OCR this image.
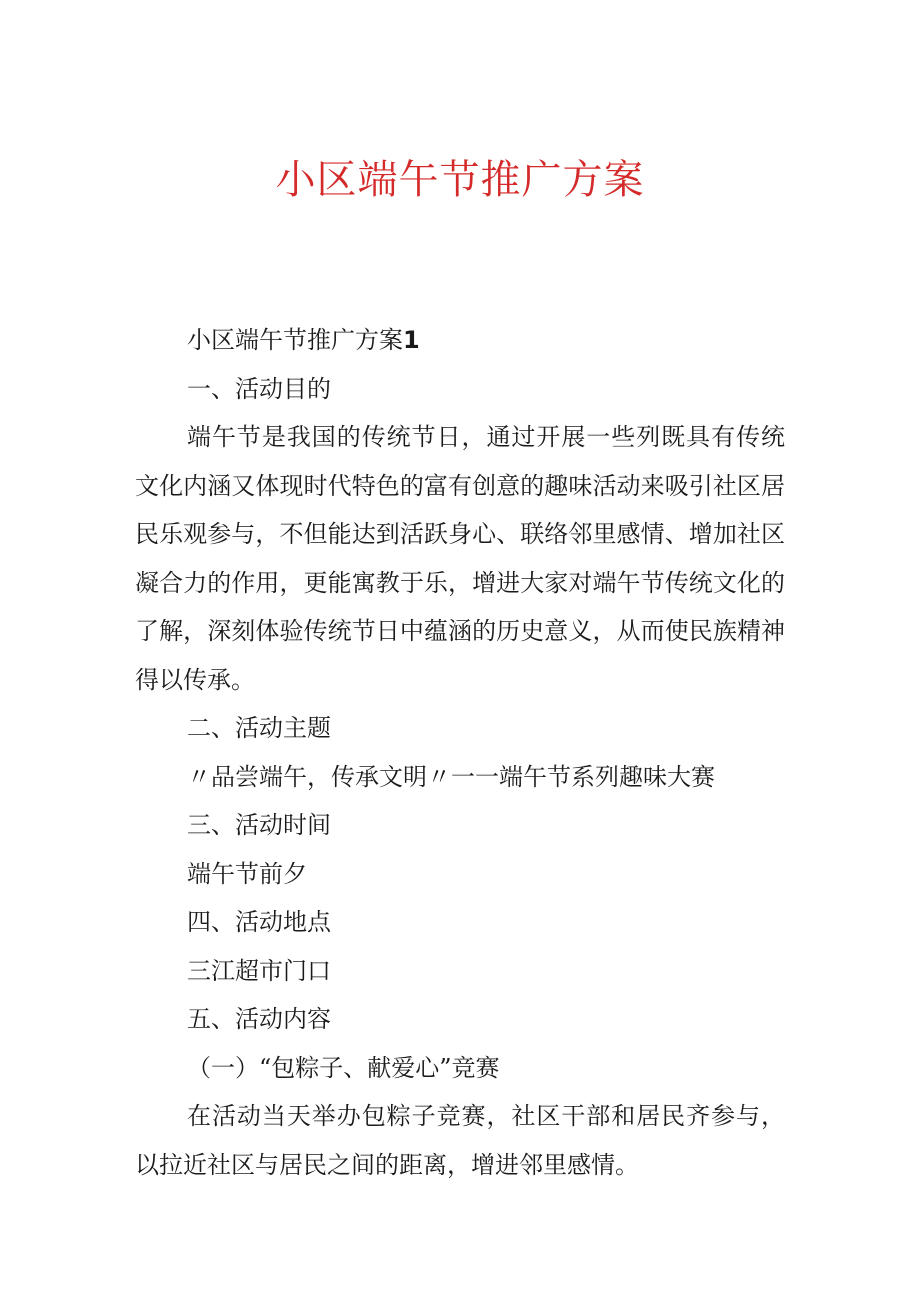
小区端午节推广方案

小区端午节推广方案1

一、活动目的

端午节是我国的传统节日，通过开展一些列既具有传统文化内涵又体现时代特色的富有创意的趣味活动来吸引社区居民乐观参与，不但能达到活跃身心、联络邻里感情、增加社区凝合力的作用，更能寓教于乐，增进大家对端午节传统文化的了解，深刻体验传统节日中蕴涵的历史意义，从而使民族精神得以传承。

二、活动主题

〃品尝端午，传承文明〃一一端午节系列趣味大赛

三、活动时间

端午节前夕

四、活动地点

三江超市门口

五、活动内容

（一）“包粽子、献爱心”竞赛

在活动当天举办包粽子竞赛，社区干部和居民齐参与，以拉近社区与居民之间的距离，增进邻里感情。
